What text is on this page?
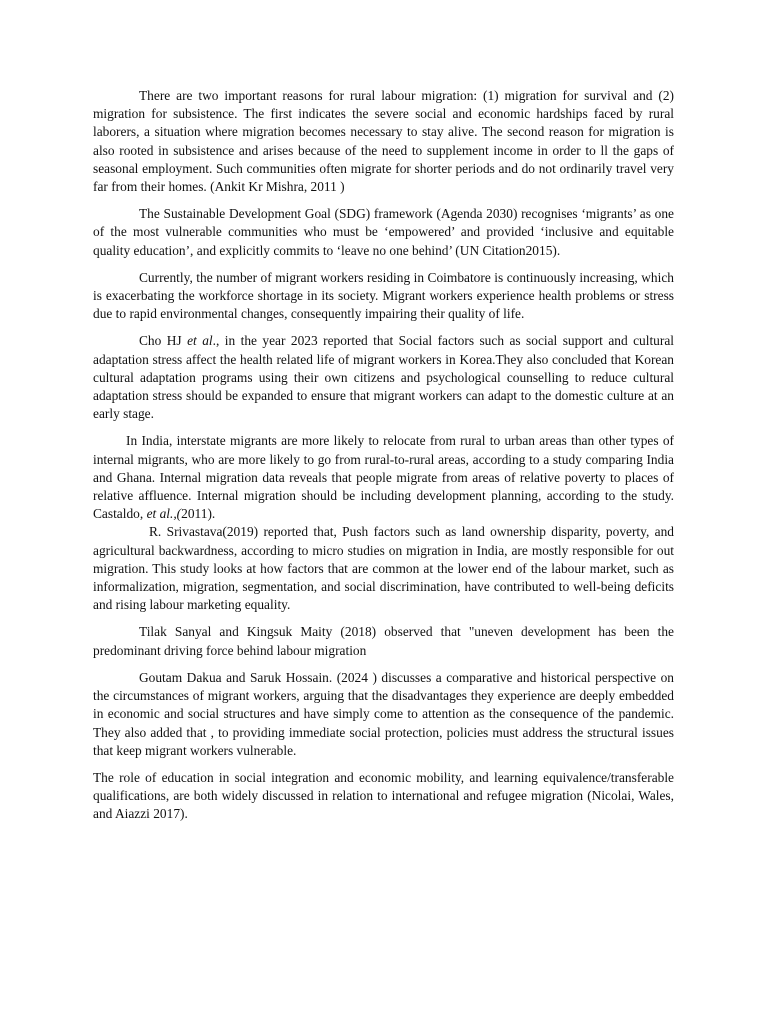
There are two important reasons for rural labour migration: (1) migration for survival and (2) migration for subsistence. The first indicates the severe social and economic hardships faced by rural laborers, a situation where migration becomes necessary to stay alive. The second reason for migration is also rooted in subsistence and arises because of the need to supplement income in order to ll the gaps of seasonal employment. Such communities often migrate for shorter periods and do not ordinarily travel very far from their homes. (Ankit Kr Mishra, 2011 )

The Sustainable Development Goal (SDG) framework (Agenda 2030) recognises ‘migrants’ as one of the most vulnerable communities who must be ‘empowered’ and provided ‘inclusive and equitable quality education’, and explicitly commits to ‘leave no one behind’ (UN Citation2015).

Currently, the number of migrant workers residing in Coimbatore is continuously increasing, which is exacerbating the workforce shortage in its society. Migrant workers experience health problems or stress due to rapid environmental changes, consequently impairing their quality of life.

Cho HJ et al., in the year 2023 reported that Social factors such as social support and cultural adaptation stress affect the health related life of migrant workers in Korea.They also concluded that Korean cultural adaptation programs using their own citizens and psychological counselling to reduce cultural adaptation stress should be expanded to ensure that migrant workers can adapt to the domestic culture at an early stage.

In India, interstate migrants are more likely to relocate from rural to urban areas than other types of internal migrants, who are more likely to go from rural-to-rural areas, according to a study comparing India and Ghana. Internal migration data reveals that people migrate from areas of relative poverty to places of relative affluence. Internal migration should be including development planning, according to the study. Castaldo, et al.,(2011).
R. Srivastava(2019) reported that, Push factors such as land ownership disparity, poverty, and agricultural backwardness, according to micro studies on migration in India, are mostly responsible for out migration. This study looks at how factors that are common at the lower end of the labour market, such as informalization, migration, segmentation, and social discrimination, have contributed to well-being deficits and rising labour marketing equality.

Tilak Sanyal and Kingsuk Maity (2018) observed that "uneven development has been the predominant driving force behind labour migration

Goutam Dakua and Saruk Hossain. (2024 ) discusses a comparative and historical perspective on the circumstances of migrant workers, arguing that the disadvantages they experience are deeply embedded in economic and social structures and have simply come to attention as the consequence of the pandemic. They also added that , to providing immediate social protection, policies must address the structural issues that keep migrant workers vulnerable.

The role of education in social integration and economic mobility, and learning equivalence/transferable qualifications, are both widely discussed in relation to international and refugee migration (Nicolai, Wales, and Aiazzi 2017).
